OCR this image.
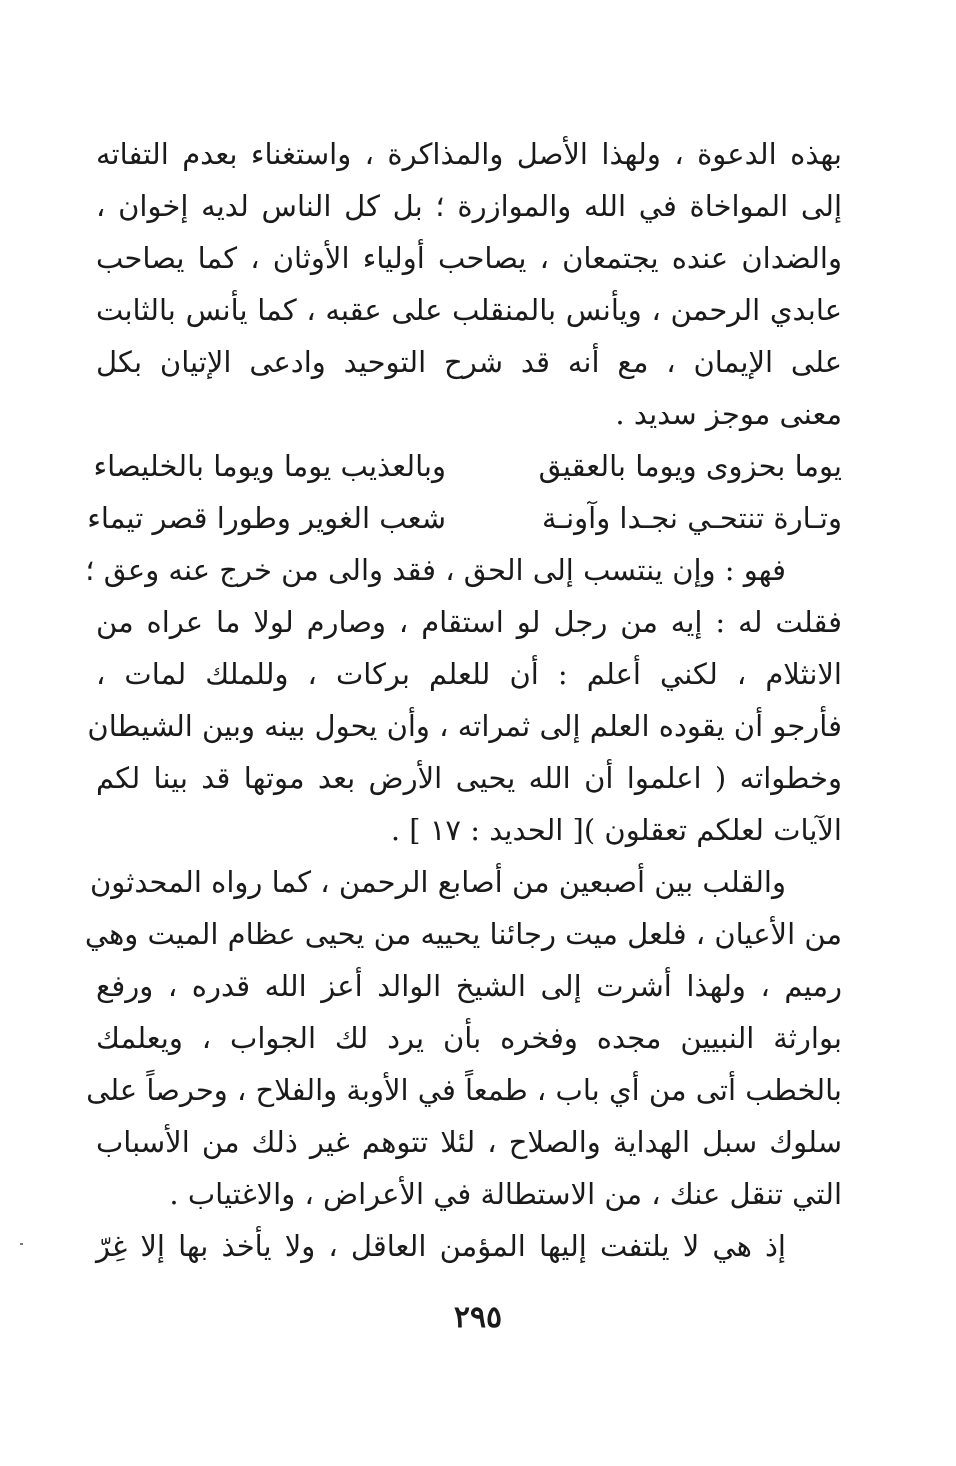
بهذه الدعوة ، ولهذا الأصل والمذاكرة ، واستغناء بعدم التفاته
إلى المواخاة في الله والموازرة ؛ بل كل الناس لديه إخوان ،
والضدان عنده يجتمعان ، يصاحب أولياء الأوثان ، كما يصاحب
عابدي الرحمن ، ويأنس بالمنقلب على عقبه ، كما يأنس بالثابت
على الإيمان ، مع أنه قد شرح التوحيد وادعى الإتيان بكل
معنى موجز سديد .
يوما بحزوى ويوما بالعقيق
وبالعذيب يوما ويوما بالخليصاء
وتـارة تنتحـي نجـدا وآونـة
شعب الغوير وطورا قصر تيماء
فهو : وإن ينتسب إلى الحق ، فقد والى من خرج عنه وعق ؛
فقلت له : إيه من رجل لو استقام ، وصارم لولا ما عراه من
الانثلام ، لكني أعلم : أن للعلم بركات ، وللملك لمات ،
فأرجو أن يقوده العلم إلى ثمراته ، وأن يحول بينه وبين الشيطان
وخطواته ( اعلموا أن الله يحيى الأرض بعد موتها قد بينا لكم
الآيات لعلكم تعقلون )[ الحديد : ١٧ ] .
والقلب بين أصبعين من أصابع الرحمن ، كما رواه المحدثون
من الأعيان ، فلعل ميت رجائنا يحييه من يحيى عظام الميت وهي
رميم ، ولهذا أشرت إلى الشيخ الوالد أعز الله قدره ، ورفع
بوارثة النبيين مجده وفخره بأن يرد لك الجواب ، ويعلمك
بالخطب أتى من أي باب ، طمعاً في الأوبة والفلاح ، وحرصاً على
سلوك سبل الهداية والصلاح ، لئلا تتوهم غير ذلك من الأسباب
التي تنقل عنك ، من الاستطالة في الأعراض ، والاغتياب .
إذ هي لا يلتفت إليها المؤمن العاقل ، ولا يأخذ بها إلا غِرّ
٢٩٥
